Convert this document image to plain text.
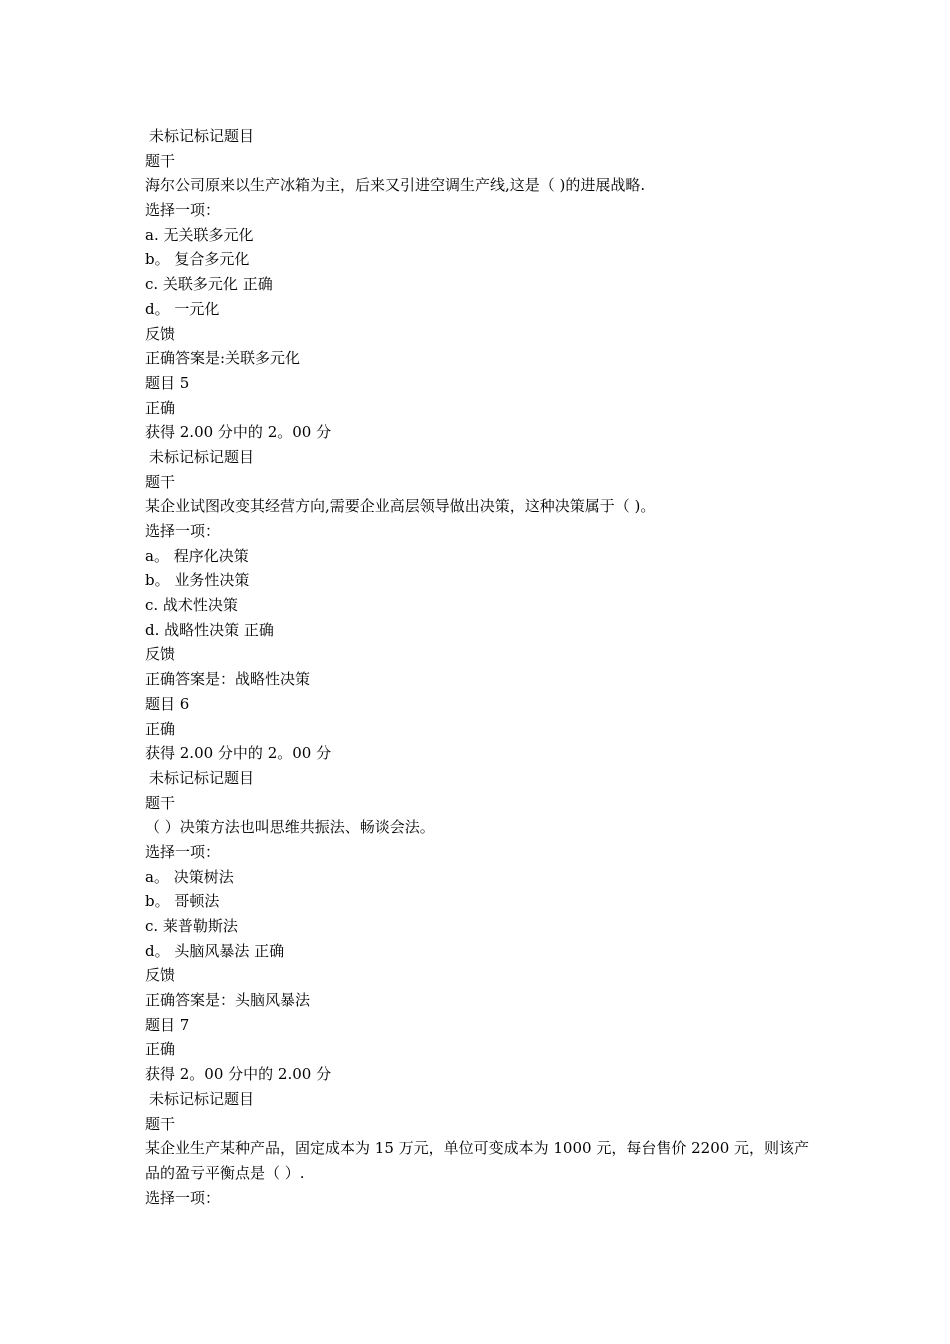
未标记标记题目
题干
海尔公司原来以生产冰箱为主，后来又引进空调生产线,这是（ )的进展战略.
选择一项：
a. 无关联多元化
b。 复合多元化
c. 关联多元化 正确
d。 一元化
反馈
正确答案是:关联多元化
题目 5
正确
获得 2.00 分中的 2。00 分
未标记标记题目
题干
某企业试图改变其经营方向,需要企业高层领导做出决策，这种决策属于（ )。
选择一项：
a。 程序化决策
b。 业务性决策
c. 战术性决策
d. 战略性决策 正确
反馈
正确答案是：战略性决策
题目 6
正确
获得 2.00 分中的 2。00 分
未标记标记题目
题干
（ ）决策方法也叫思维共振法、畅谈会法。
选择一项：
a。 决策树法
b。 哥顿法
c. 莱普勒斯法
d。 头脑风暴法 正确
反馈
正确答案是：头脑风暴法
题目 7
正确
获得 2。00 分中的 2.00 分
未标记标记题目
题干
某企业生产某种产品，固定成本为 15 万元，单位可变成本为 1000 元，每台售价 2200 元，则该产品的盈亏平衡点是（ ）.
选择一项：
